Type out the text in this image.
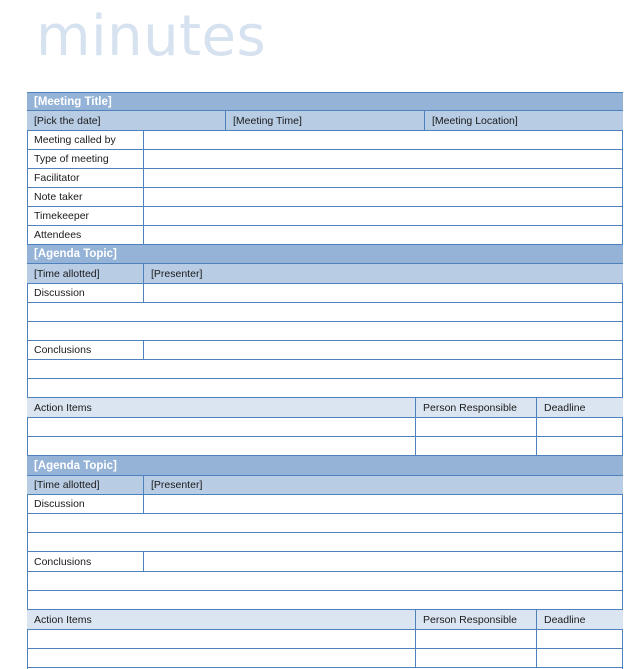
minutes
[Meeting Title]
[Pick the date]	[Meeting Time]	[Meeting Location]
Meeting called by
Type of meeting
Facilitator
Note taker
Timekeeper
Attendees
[Agenda Topic]
[Time allotted]	[Presenter]
Discussion
Conclusions
Action Items	Person Responsible	Deadline
[Agenda Topic]
[Time allotted]	[Presenter]
Discussion
Conclusions
Action Items	Person Responsible	Deadline
